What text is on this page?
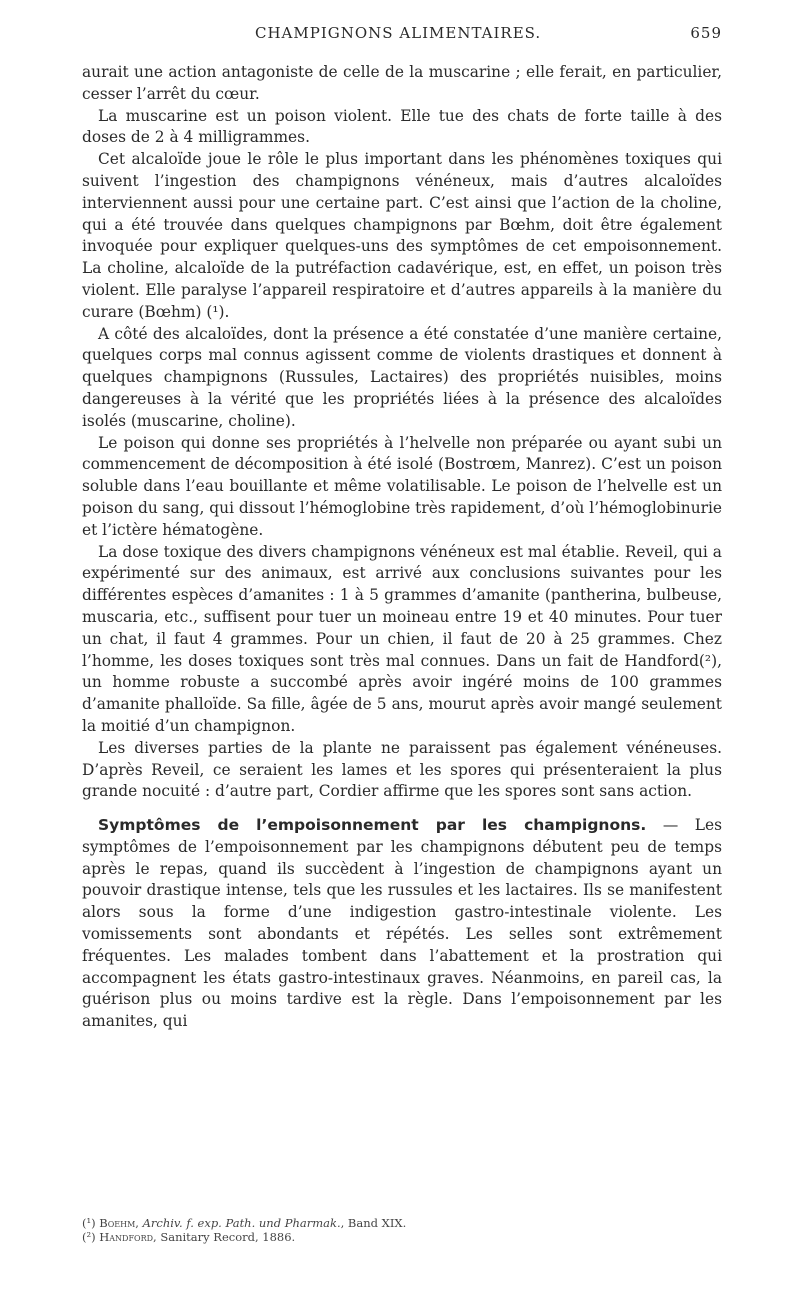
CHAMPIGNONS ALIMENTAIRES.	659

aurait une action antagoniste de celle de la muscarine ; elle ferait, en particulier, cesser l’arrêt du cœur.

La muscarine est un poison violent. Elle tue des chats de forte taille à des doses de 2 à 4 milligrammes.

Cet alcaloïde joue le rôle le plus important dans les phénomènes toxiques qui suivent l’ingestion des champignons vénéneux, mais d’autres alcaloïdes interviennent aussi pour une certaine part. C’est ainsi que l’action de la choline, qui a été trouvée dans quelques champignons par Bœhm, doit être également invoquée pour expliquer quelques-uns des symptômes de cet empoisonnement. La choline, alcaloïde de la putréfaction cadavérique, est, en effet, un poison très violent. Elle paralyse l’appareil respiratoire et d’autres appareils à la manière du curare (Bœhm) (¹).

A côté des alcaloïdes, dont la présence a été constatée d’une manière certaine, quelques corps mal connus agissent comme de violents drastiques et donnent à quelques champignons (Russules, Lactaires) des propriétés nuisibles, moins dangereuses à la vérité que les propriétés liées à la présence des alcaloïdes isolés (muscarine, choline).

Le poison qui donne ses propriétés à l’helvelle non préparée ou ayant subi un commencement de décomposition à été isolé (Bostrœm, Manrez). C’est un poison soluble dans l’eau bouillante et même volatilisable. Le poison de l’helvelle est un poison du sang, qui dissout l’hémoglobine très rapidement, d’où l’hémoglobinurie et l’ictère hématogène.

La dose toxique des divers champignons vénéneux est mal établie. Reveil, qui a expérimenté sur des animaux, est arrivé aux conclusions suivantes pour les différentes espèces d’amanites : 1 à 5 grammes d’amanite (pantherina, bulbeuse, muscaria, etc., suffisent pour tuer un moineau entre 19 et 40 minutes. Pour tuer un chat, il faut 4 grammes. Pour un chien, il faut de 20 à 25 grammes. Chez l’homme, les doses toxiques sont très mal connues. Dans un fait de Handford(²), un homme robuste a succombé après avoir ingéré moins de 100 grammes d’amanite phalloïde. Sa fille, âgée de 5 ans, mourut après avoir mangé seulement la moitié d’un champignon.

Les diverses parties de la plante ne paraissent pas également vénéneuses. D’après Reveil, ce seraient les lames et les spores qui présenteraient la plus grande nocuité : d’autre part, Cordier affirme que les spores sont sans action.

Symptômes de l’empoisonnement par les champignons. — Les symptômes de l’empoisonnement par les champignons débutent peu de temps après le repas, quand ils succèdent à l’ingestion de champignons ayant un pouvoir drastique intense, tels que les russules et les lactaires. Ils se manifestent alors sous la forme d’une indigestion gastro-intestinale violente. Les vomissements sont abondants et répétés. Les selles sont extrêmement fréquentes. Les malades tombent dans l’abattement et la prostration qui accompagnent les états gastro-intestinaux graves. Néanmoins, en pareil cas, la guérison plus ou moins tardive est la règle. Dans l’empoisonnement par les amanites, qui

(¹) Boehm, Archiv. f. exp. Path. und Pharmak., Band XIX.
(²) Handford, Sanitary Record, 1886.
